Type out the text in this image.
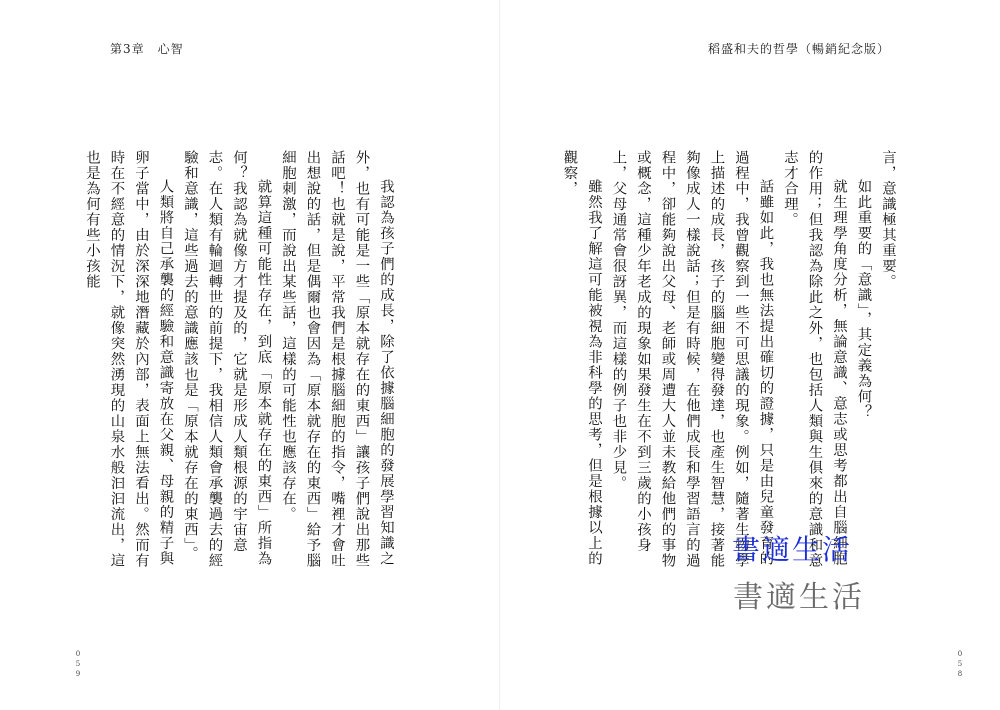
第3章　心智

我認為孩子們的成長，除了依據腦細胞的發展學習知識之外，也有可能是一些「原本就存在的東西」讓孩子們說出那些話吧！也就是說，平常我們是根據腦細胞的指令，嘴裡才會吐出想說的話，但是偶爾也會因為「原本就存在的東西」給予腦細胞刺激，而說出某些話，這樣的可能性也應該存在。

就算這種可能性存在，到底「原本就存在的東西」所指為何？我認為就像方才提及的，它就是形成人類根源的宇宙意志。在人類有輪迴轉世的前提下，我相信人類會承襲過去的經驗和意識，這些過去的意識應該也是「原本就存在的東西」。

人類將自己承襲的經驗和意識寄放在父親、母親的精子與卵子當中，由於深深地潛藏於內部，表面上無法看出。然而有時在不經意的情況下，就像突然湧現的山泉水般汩汩流出，這也是為何有些小孩能

059
稻盛和夫的哲學（暢銷紀念版）
058

言，意識極其重要。

如此重要的「意識」，其定義為何？

就生理學角度分析，無論意識、意志或思考都出自腦細胞的作用；但我認為除此之外，也包括人類與生俱來的意識和意志才合理。

話雖如此，我也無法提出確切的證據，只是由兒童發育的過程中，我曾觀察到一些不可思議的現象。例如，隨著生物學上描述的成長，孩子的腦細胞變得發達，也產生智慧，接著能夠像成人一樣說話；但是有時候，在他們成長和學習語言的過程中，卻能夠說出父母、老師或周遭大人並未教給他們的事物或概念，這種少年老成的現象如果發生在不到三歲的小孩身上，父母通常會很訝異，而這樣的例子也非少見。

雖然我了解這可能被視為非科學的思考，但是根據以上的觀察，

書適生活
書適生活
